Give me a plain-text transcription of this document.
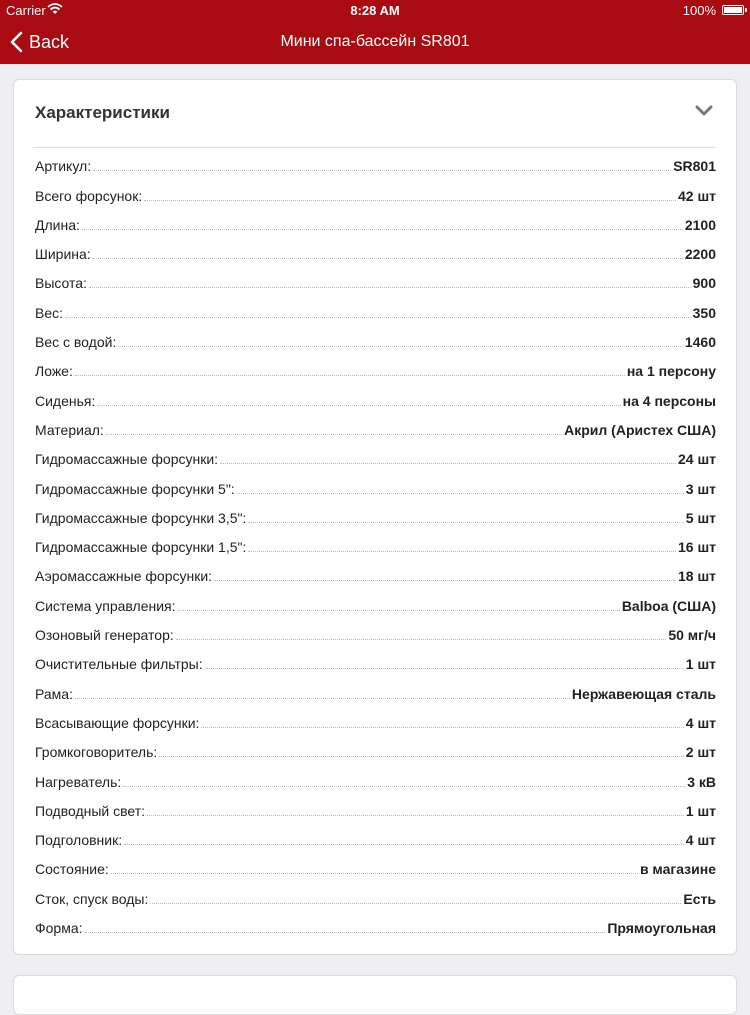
Carrier	8:28 AM	100%
Back	Мини спа-бассейн SR801
Характеристики
Артикул:	SR801
Всего форсунок:	42 шт
Длина:	2100
Ширина:	2200
Высота:	900
Вес:	350
Вес с водой:	1460
Ложе:	на 1 персону
Сиденья:	на 4 персоны
Материал:	Акрил (Аристех США)
Гидромассажные форсунки:	24 шт
Гидромассажные форсунки 5":	3 шт
Гидромассажные форсунки 3,5":	5 шт
Гидромассажные форсунки 1,5":	16 шт
Аэромассажные форсунки:	18 шт
Система управления:	Balboa (США)
Озоновый генератор:	50 мг/ч
Очистительные фильтры:	1 шт
Рама:	Нержавеющая сталь
Всасывающие форсунки:	4 шт
Громкоговоритель:	2 шт
Нагреватель:	3 кВ
Подводный свет:	1 шт
Подголовник:	4 шт
Состояние:	в магазине
Сток, спуск воды:	Есть
Форма:	Прямоугольная
